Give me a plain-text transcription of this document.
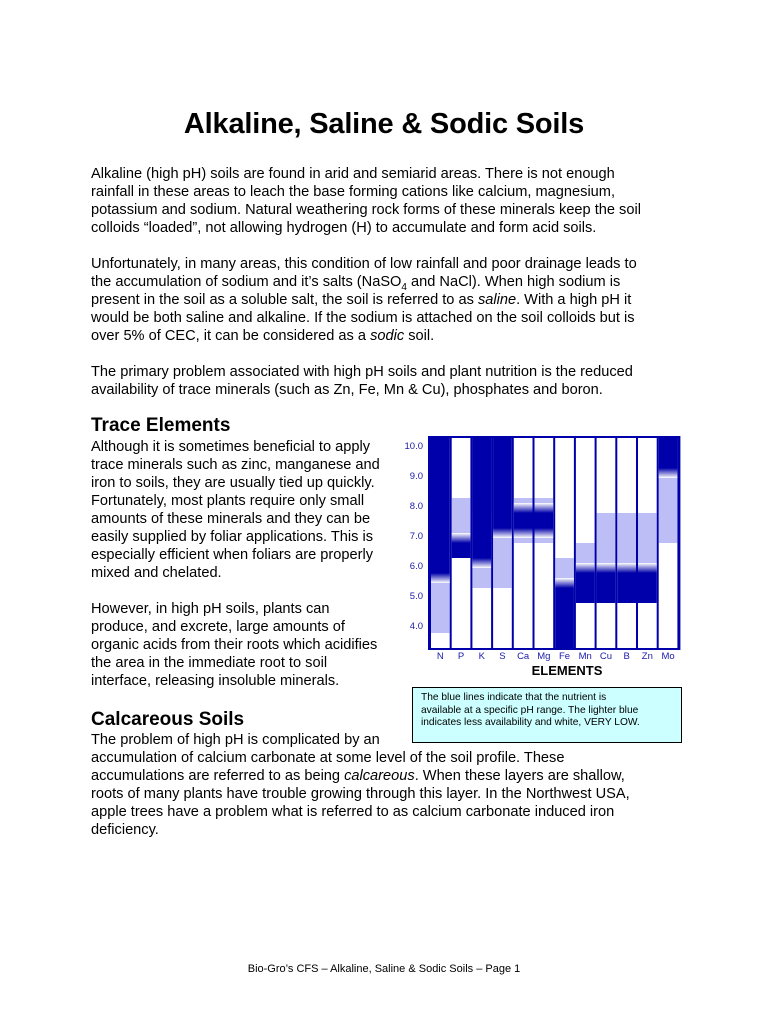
Alkaline, Saline & Sodic Soils
Alkaline (high pH) soils are found in arid and semiarid areas. There is not enough
rainfall in these areas to leach the base forming cations like calcium, magnesium,
potassium and sodium. Natural weathering rock forms of these minerals keep the soil
colloids “loaded”, not allowing hydrogen (H) to accumulate and form acid soils.
Unfortunately, in many areas, this condition of low rainfall and poor drainage leads to
the accumulation of sodium and it’s salts (NaSO$_4$ and NaCl). When high sodium is
present in the soil as a soluble salt, the soil is referred to as saline. With a high pH it
would be both saline and alkaline. If the sodium is attached on the soil colloids but is
over 5% of CEC, it can be considered as a sodic soil.
The primary problem associated with high pH soils and plant nutrition is the reduced
availability of trace minerals (such as Zn, Fe, Mn & Cu), phosphates and boron.
Trace Elements
Although it is sometimes beneficial to apply
trace minerals such as zinc, manganese and
iron to soils, they are usually tied up quickly.
Fortunately, most plants require only small
amounts of these minerals and they can be
easily supplied by foliar applications. This is
especially efficient when foliars are properly
mixed and chelated.
However, in high pH soils, plants can
produce, and excrete, large amounts of
organic acids from their roots which acidifies
the area in the immediate root to soil
interface, releasing insoluble minerals.
10.0
9.0
8.0
7.0
6.0
5.0
4.0
N P K S Ca Mg Fe Mn Cu B Zn Mo
ELEMENTS
The blue lines indicate that the nutrient is
available at a specific pH range. The lighter blue
indicates less availability and white, VERY LOW.
Calcareous Soils
The problem of high pH is complicated by an
accumulation of calcium carbonate at some level of the soil profile. These
accumulations are referred to as being calcareous. When these layers are shallow,
roots of many plants have trouble growing through this layer. In the Northwest USA,
apple trees have a problem what is referred to as calcium carbonate induced iron
deficiency.
Bio-Gro’s CFS – Alkaline, Saline & Sodic Soils – Page 1
